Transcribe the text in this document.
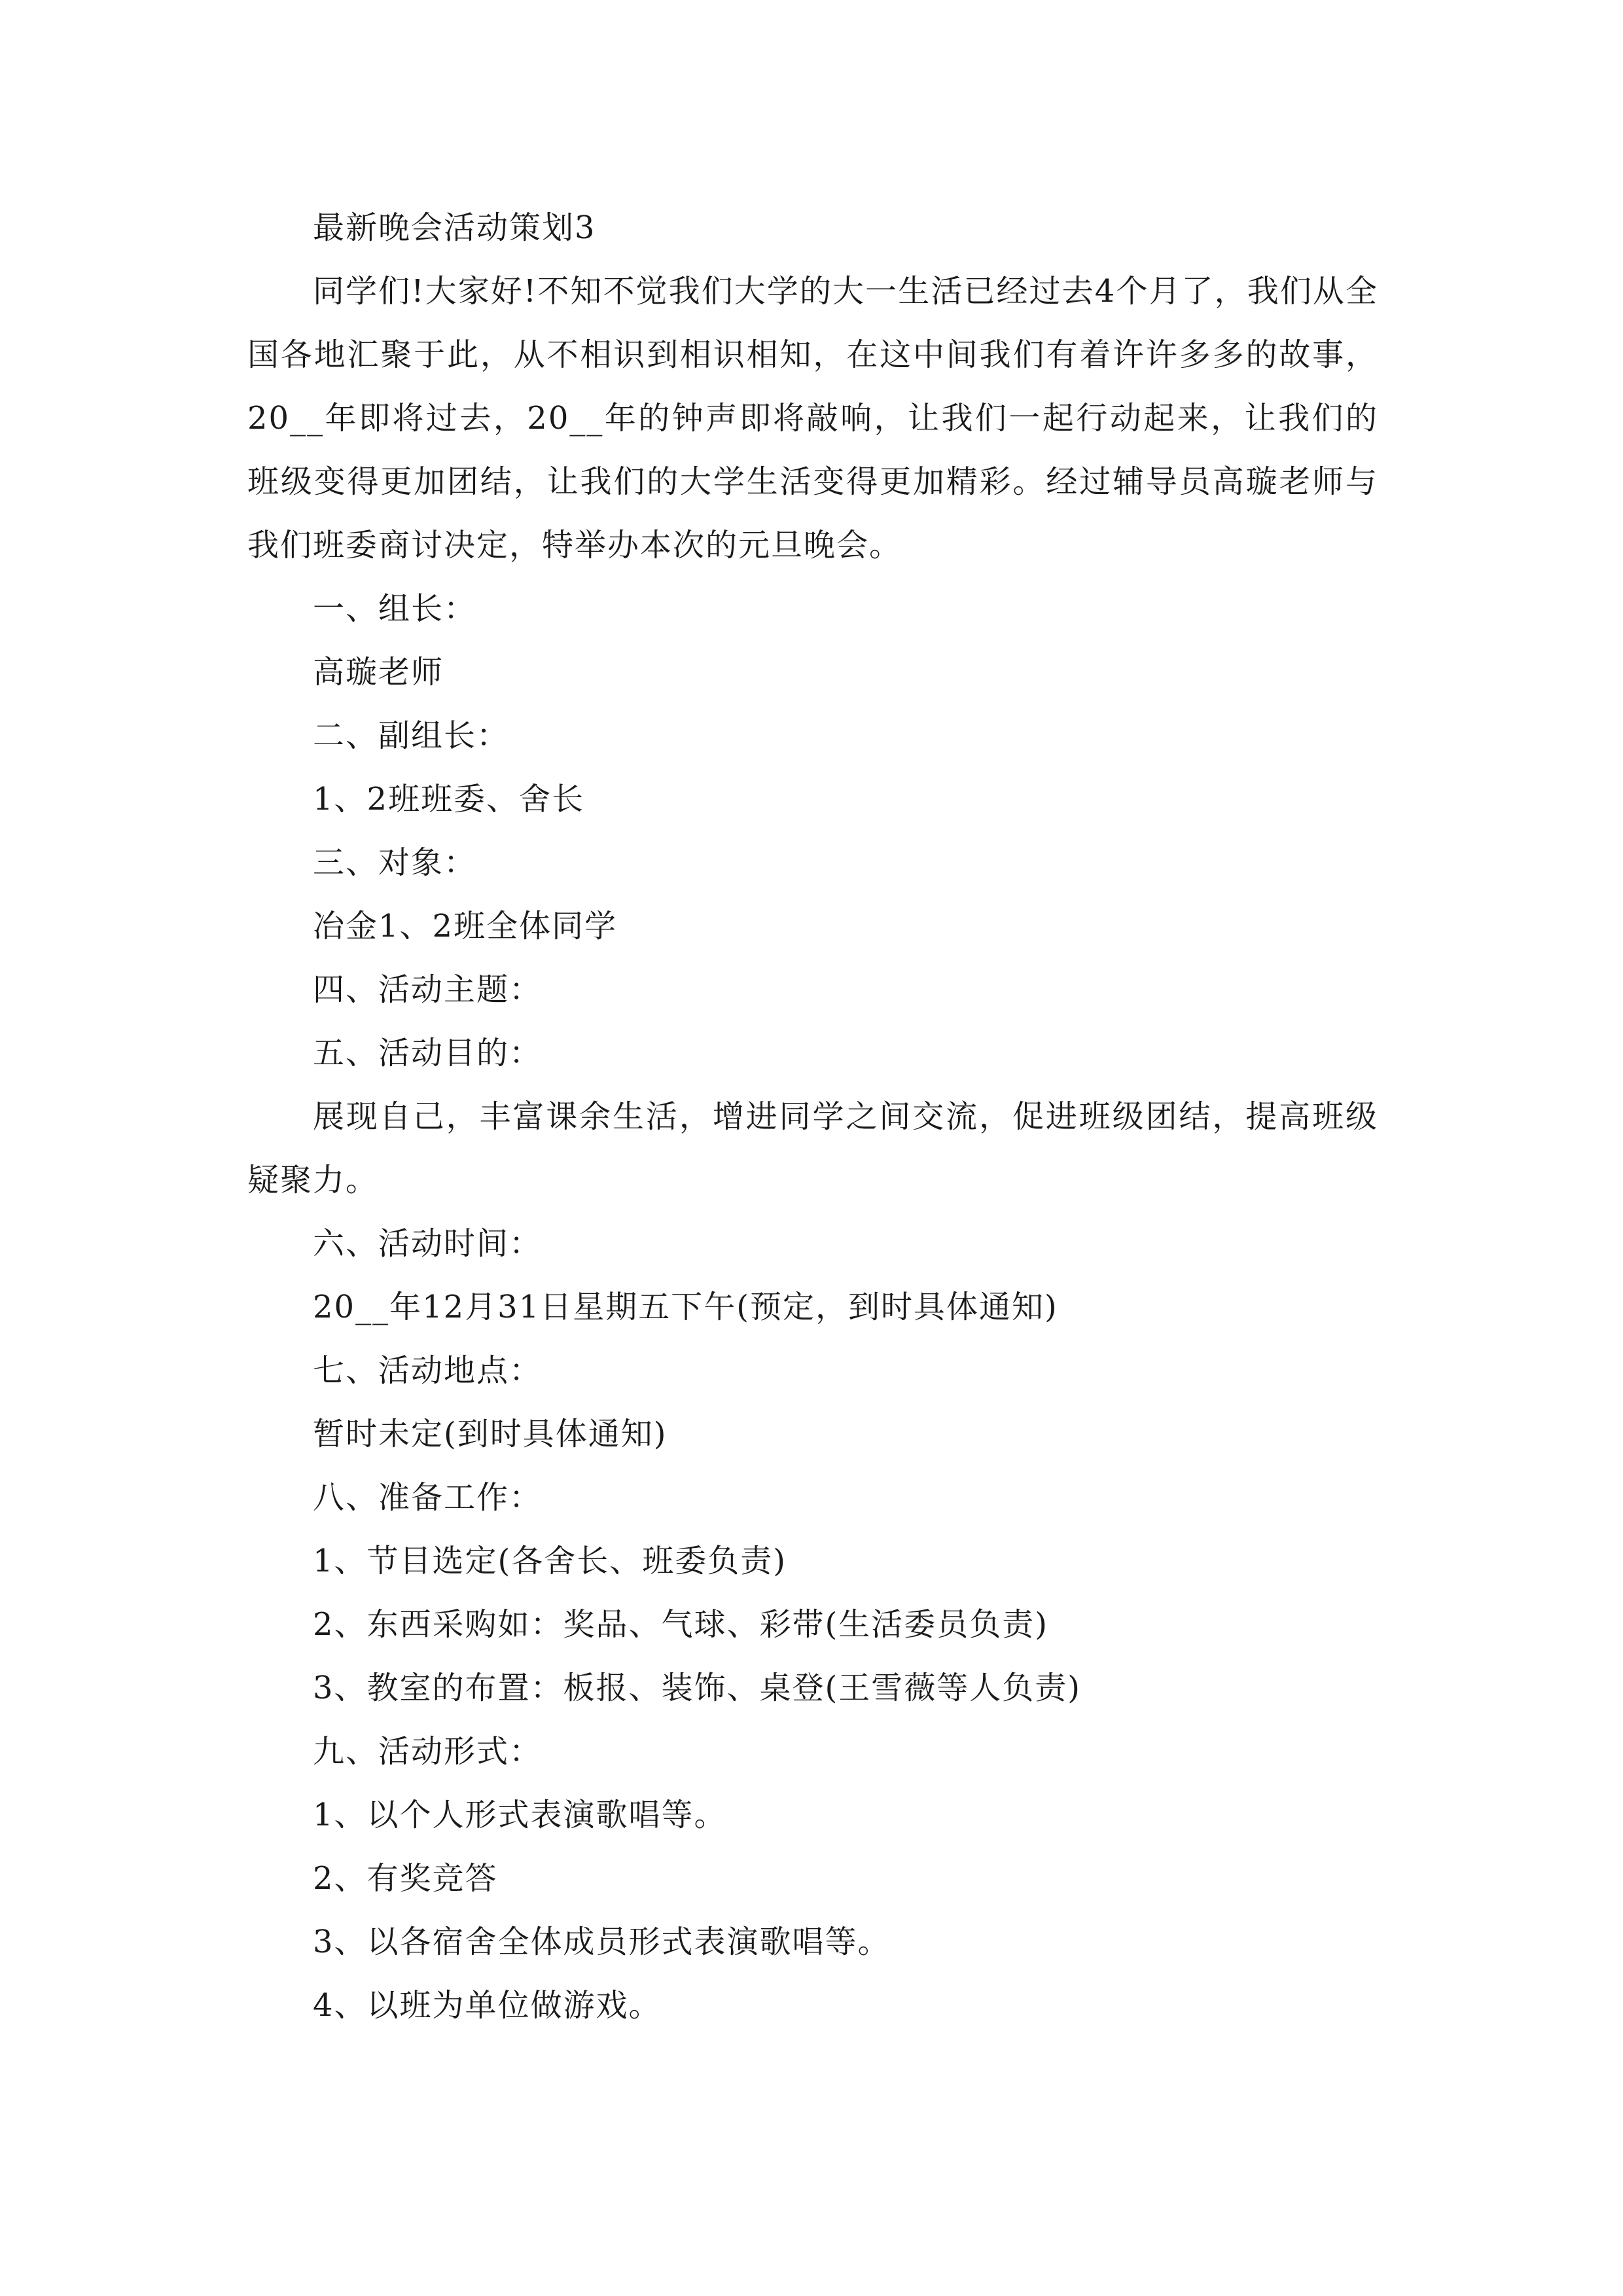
最新晚会活动策划3

同学们!大家好!不知不觉我们大学的大一生活已经过去4个月了，我们从全国各地汇聚于此，从不相识到相识相知，在这中间我们有着许许多多的故事，20__年即将过去，20__年的钟声即将敲响，让我们一起行动起来，让我们的班级变得更加团结，让我们的大学生活变得更加精彩。经过辅导员高璇老师与我们班委商讨决定，特举办本次的元旦晚会。

一、组长：

高璇老师

二、副组长：

1、2班班委、舍长

三、对象：

冶金1、2班全体同学

四、活动主题：

五、活动目的：

展现自己，丰富课余生活，增进同学之间交流，促进班级团结，提高班级疑聚力。

六、活动时间：

20__年12月31日星期五下午(预定，到时具体通知)

七、活动地点：

暂时未定(到时具体通知)

八、准备工作：

1、节目选定(各舍长、班委负责)

2、东西采购如：奖品、气球、彩带(生活委员负责)

3、教室的布置：板报、装饰、桌登(王雪薇等人负责)

九、活动形式：

1、以个人形式表演歌唱等。

2、有奖竞答

3、以各宿舍全体成员形式表演歌唱等。

4、以班为单位做游戏。
